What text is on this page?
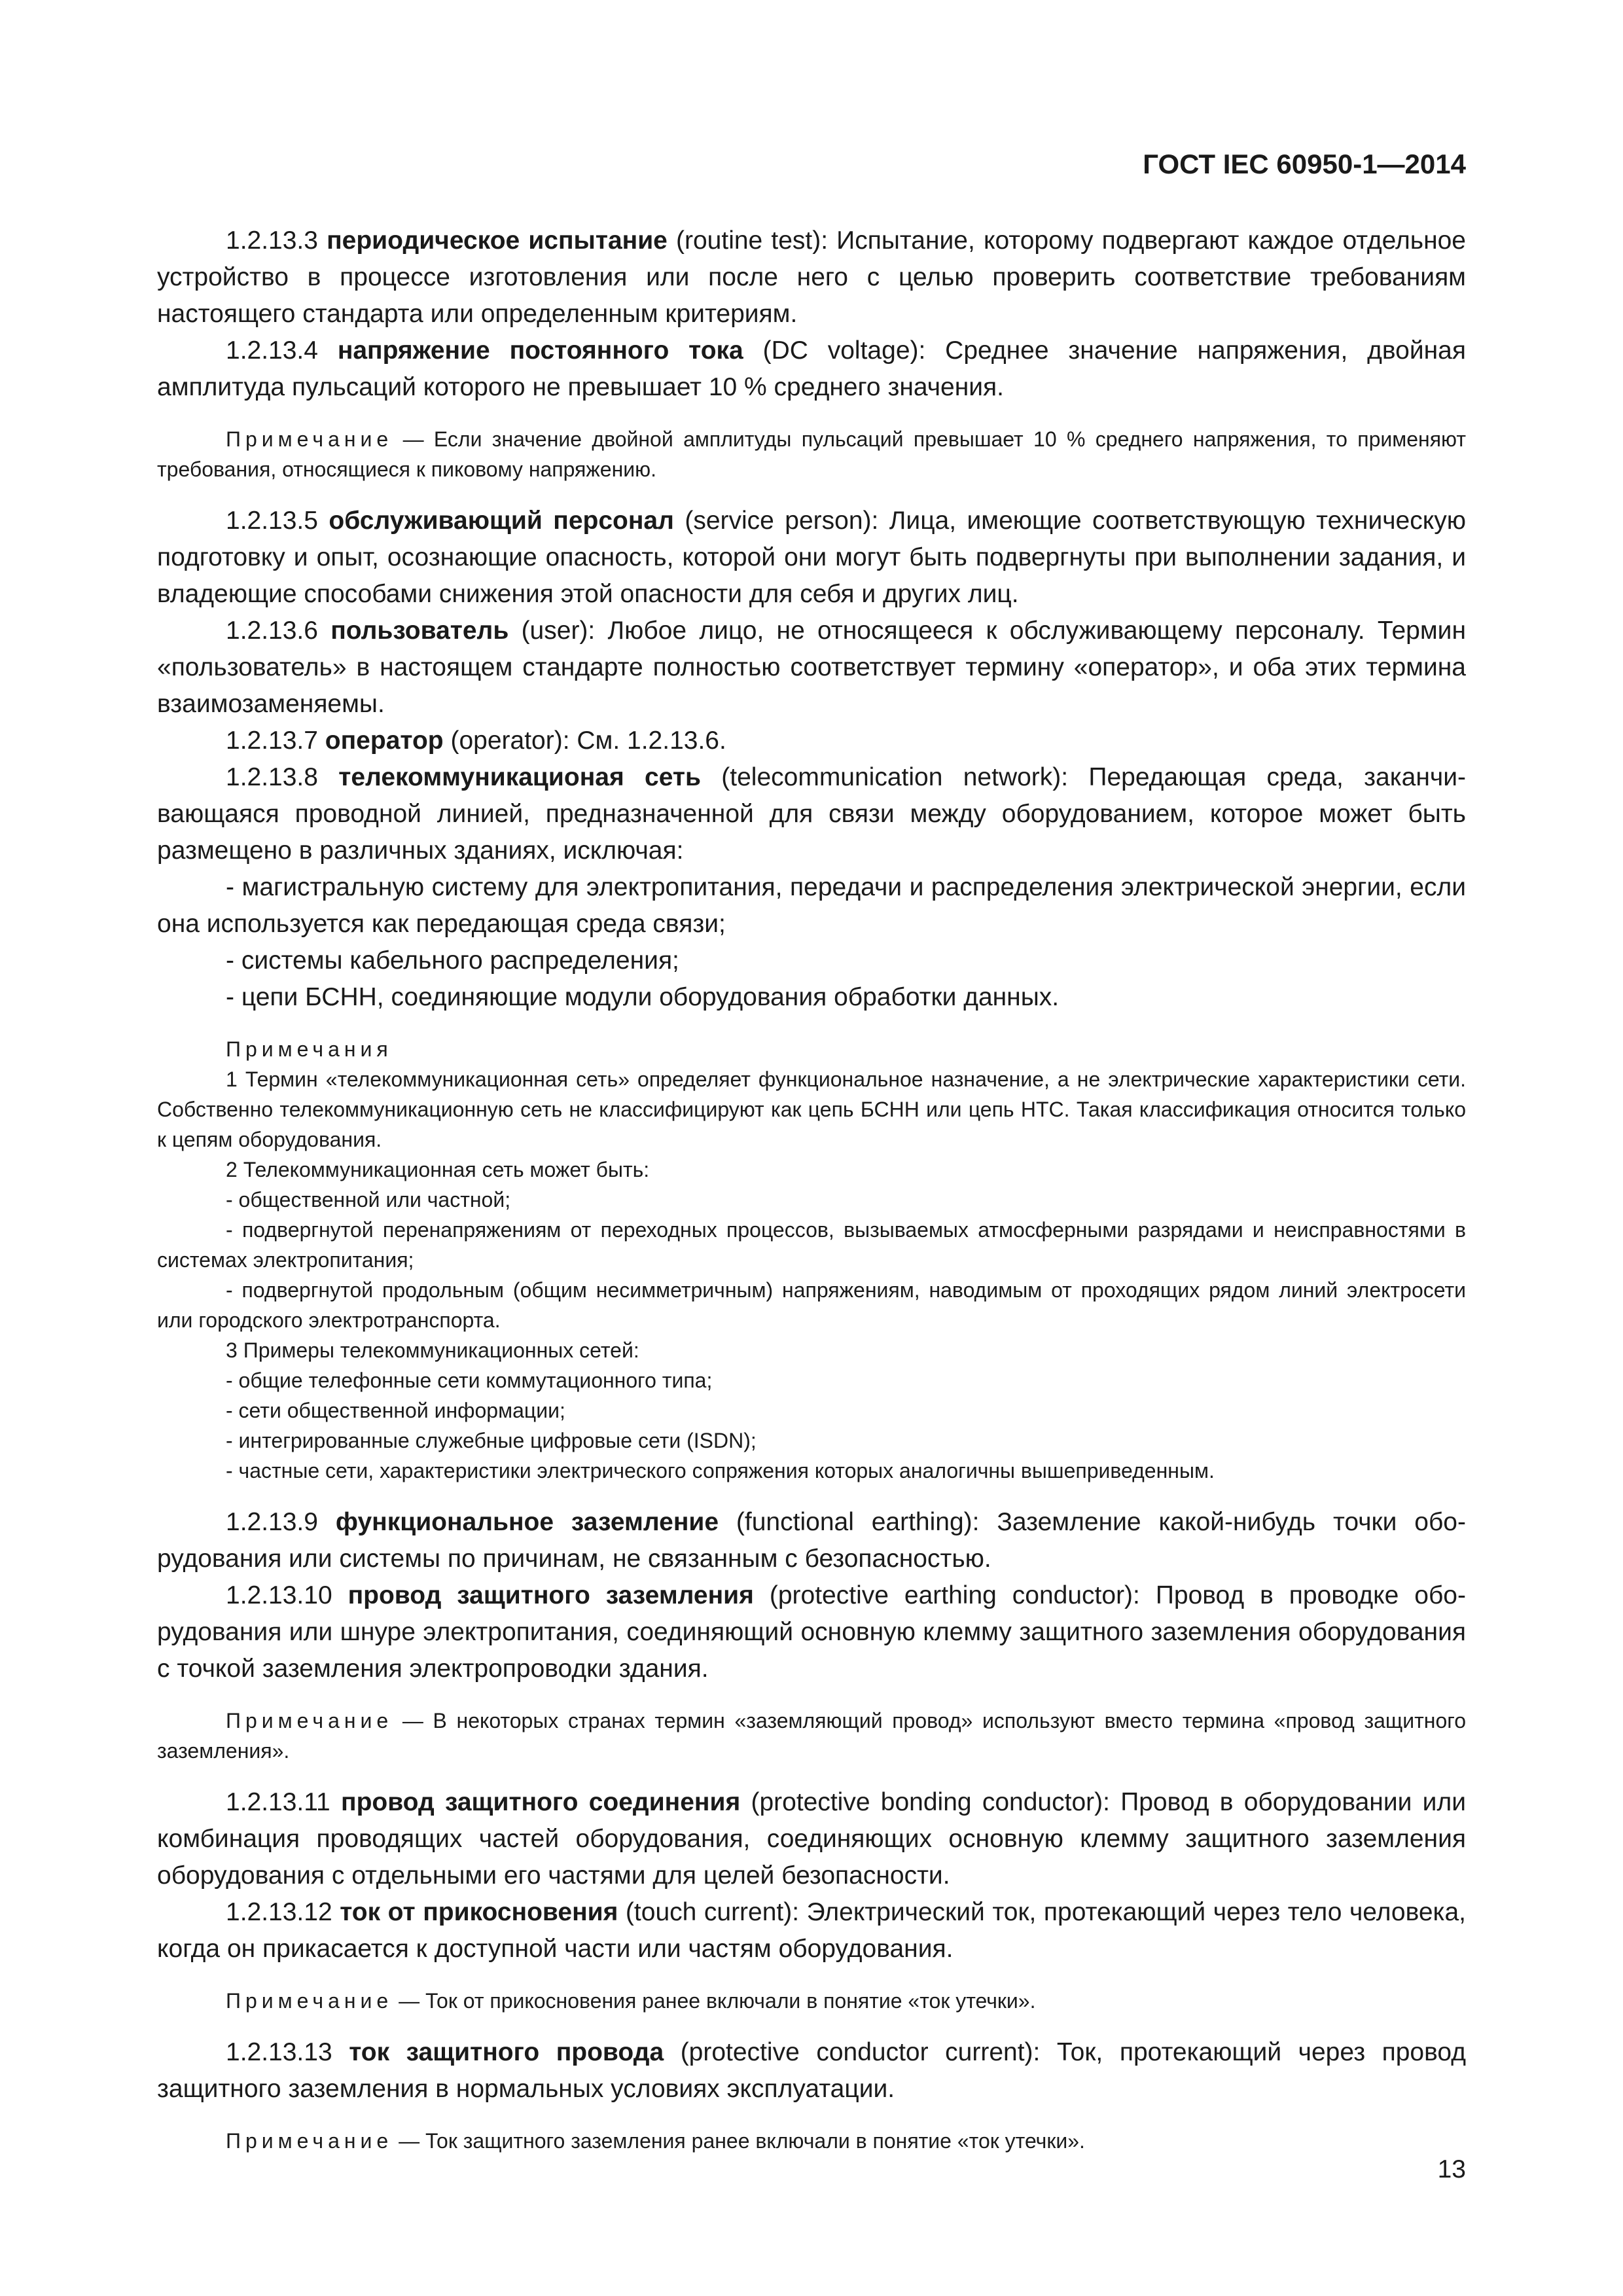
ГОСТ IEC 60950-1—2014

1.2.13.3 периодическое испытание (routine test): Испытание, которому подвергают каждое отдельное устройство в процессе изготовления или после него с целью проверить соответствие требованиям настоящего стандарта или определенным критериям.

1.2.13.4 напряжение постоянного тока (DC voltage): Среднее значение напряжения, двойная амплитуда пульсаций которого не превышает 10 % среднего значения.

Примечание — Если значение двойной амплитуды пульсаций превышает 10 % среднего напряжения, то применяют требования, относящиеся к пиковому напряжению.

1.2.13.5 обслуживающий персонал (service person): Лица, имеющие соответствующую техническую подготовку и опыт, осознающие опасность, которой они могут быть подвергнуты при выполнении задания, и владеющие способами снижения этой опасности для себя и других лиц.

1.2.13.6 пользователь (user): Любое лицо, не относящееся к обслуживающему персоналу. Термин «пользователь» в настоящем стандарте полностью соответствует термину «оператор», и оба этих термина взаимозаменяемы.

1.2.13.7 оператор (operator): См. 1.2.13.6.

1.2.13.8 телекоммуникационая сеть (telecommunication network): Передающая среда, заканчивающаяся проводной линией, предназначенной для связи между оборудованием, которое может быть размещено в различных зданиях, исключая:

- магистральную систему для электропитания, передачи и распределения электрической энергии, если она используется как передающая среда связи;

- системы кабельного распределения;

- цепи БСНН, соединяющие модули оборудования обработки данных.

Примечания

1 Термин «телекоммуникационная сеть» определяет функциональное назначение, а не электрические характеристики сети. Собственно телекоммуникационную сеть не классифицируют как цепь БСНН или цепь НТС. Такая классификация относится только к цепям оборудования.

2 Телекоммуникационная сеть может быть:

- общественной или частной;

- подвергнутой перенапряжениям от переходных процессов, вызываемых атмосферными разрядами и неисправностями в системах электропитания;

- подвергнутой продольным (общим несимметричным) напряжениям, наводимым от проходящих рядом линий электросети или городского электротранспорта.

3 Примеры телекоммуникационных сетей:

- общие телефонные сети коммутационного типа;

- сети общественной информации;

- интегрированные служебные цифровые сети (ISDN);

- частные сети, характеристики электрического сопряжения которых аналогичны вышеприведенным.

1.2.13.9 функциональное заземление (functional earthing): Заземление какой-нибудь точки оборудования или системы по причинам, не связанным с безопасностью.

1.2.13.10 провод защитного заземления (protective earthing conductor): Провод в проводке оборудования или шнуре электропитания, соединяющий основную клемму защитного заземления оборудования с точкой заземления электропроводки здания.

Примечание — В некоторых странах термин «заземляющий провод» используют вместо термина «провод защитного заземления».

1.2.13.11 провод защитного соединения (protective bonding conductor): Провод в оборудовании или комбинация проводящих частей оборудования, соединяющих основную клемму защитного заземления оборудования с отдельными его частями для целей безопасности.

1.2.13.12 ток от прикосновения (touch current): Электрический ток, протекающий через тело человека, когда он прикасается к доступной части или частям оборудования.

Примечание — Ток от прикосновения ранее включали в понятие «ток утечки».

1.2.13.13 ток защитного провода (protective conductor current): Ток, протекающий через провод защитного заземления в нормальных условиях эксплуатации.

Примечание — Ток защитного заземления ранее включали в понятие «ток утечки».

13
